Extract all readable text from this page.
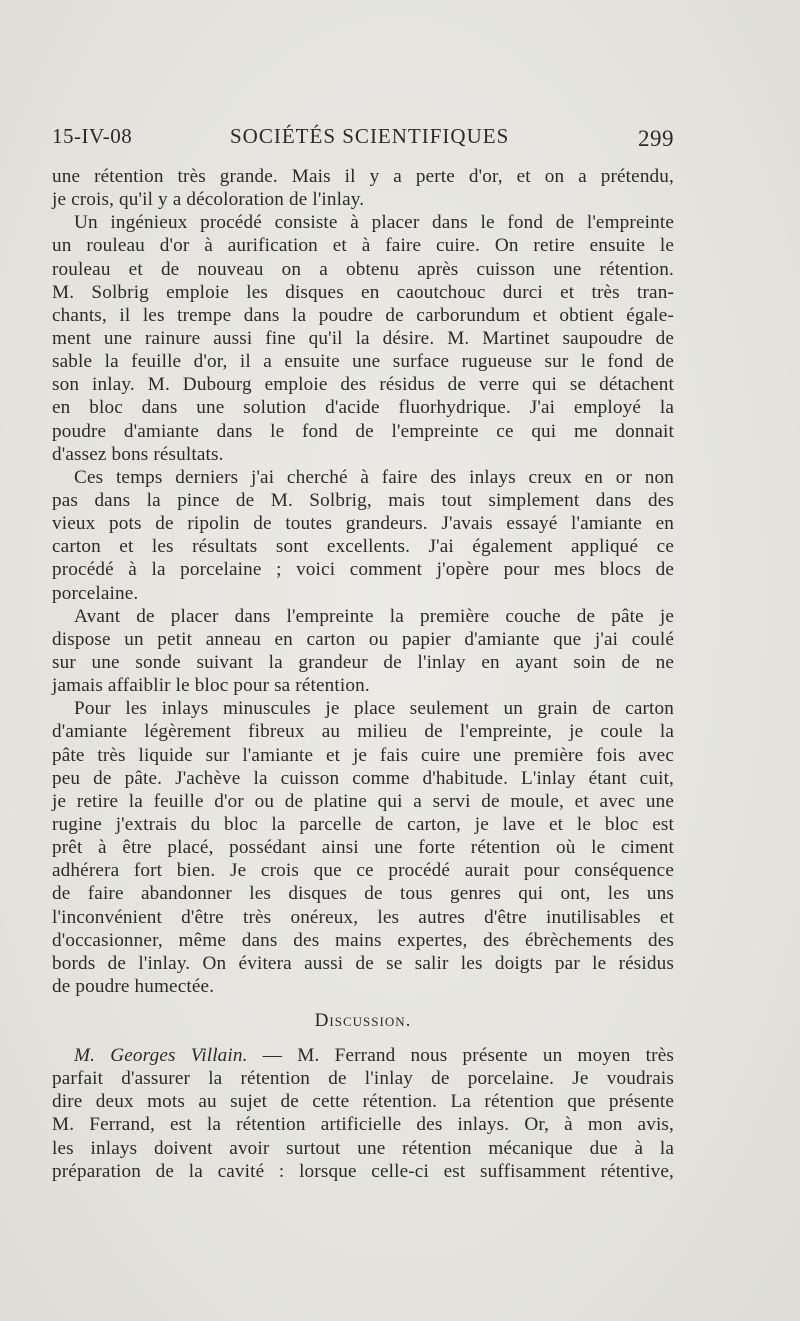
15-IV-08	SOCIÉTÉS SCIENTIFIQUES	299
une rétention très grande. Mais il y a perte d'or, et on a prétendu,
je crois, qu'il y a décoloration de l'inlay.
Un ingénieux procédé consiste à placer dans le fond de l'empreinte
un rouleau d'or à aurification et à faire cuire. On retire ensuite le
rouleau et de nouveau on a obtenu après cuisson une rétention.
M. Solbrig emploie les disques en caoutchouc durci et très tran-
chants, il les trempe dans la poudre de carborundum et obtient égale-
ment une rainure aussi fine qu'il la désire. M. Martinet saupoudre de
sable la feuille d'or, il a ensuite une surface rugueuse sur le fond de
son inlay. M. Dubourg emploie des résidus de verre qui se détachent
en bloc dans une solution d'acide fluorhydrique. J'ai employé la
poudre d'amiante dans le fond de l'empreinte ce qui me donnait
d'assez bons résultats.
Ces temps derniers j'ai cherché à faire des inlays creux en or non
pas dans la pince de M. Solbrig, mais tout simplement dans des
vieux pots de ripolin de toutes grandeurs. J'avais essayé l'amiante en
carton et les résultats sont excellents. J'ai également appliqué ce
procédé à la porcelaine ; voici comment j'opère pour mes blocs de
porcelaine.
Avant de placer dans l'empreinte la première couche de pâte je
dispose un petit anneau en carton ou papier d'amiante que j'ai coulé
sur une sonde suivant la grandeur de l'inlay en ayant soin de ne
jamais affaiblir le bloc pour sa rétention.
Pour les inlays minuscules je place seulement un grain de carton
d'amiante légèrement fibreux au milieu de l'empreinte, je coule la
pâte très liquide sur l'amiante et je fais cuire une première fois avec
peu de pâte. J'achève la cuisson comme d'habitude. L'inlay étant cuit,
je retire la feuille d'or ou de platine qui a servi de moule, et avec une
rugine j'extrais du bloc la parcelle de carton, je lave et le bloc est
prêt à être placé, possédant ainsi une forte rétention où le ciment
adhérera fort bien. Je crois que ce procédé aurait pour conséquence
de faire abandonner les disques de tous genres qui ont, les uns
l'inconvénient d'être très onéreux, les autres d'être inutilisables et
d'occasionner, même dans des mains expertes, des ébrèchements des
bords de l'inlay. On évitera aussi de se salir les doigts par le résidus
de poudre humectée.
Discussion.
M. Georges Villain. — M. Ferrand nous présente un moyen très
parfait d'assurer la rétention de l'inlay de porcelaine. Je voudrais
dire deux mots au sujet de cette rétention. La rétention que présente
M. Ferrand, est la rétention artificielle des inlays. Or, à mon avis,
les inlays doivent avoir surtout une rétention mécanique due à la
préparation de la cavité : lorsque celle-ci est suffisamment rétentive,
